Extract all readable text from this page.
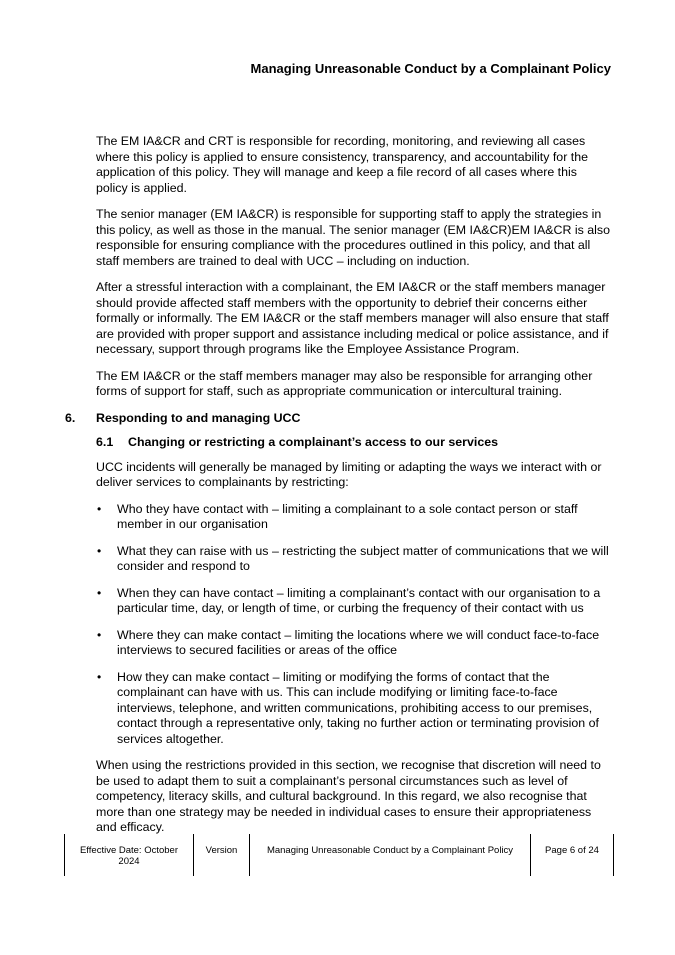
Managing Unreasonable Conduct by a Complainant Policy

The EM IA&CR and CRT is responsible for recording, monitoring, and reviewing all cases where this policy is applied to ensure consistency, transparency, and accountability for the application of this policy. They will manage and keep a file record of all cases where this policy is applied.

The senior manager (EM IA&CR) is responsible for supporting staff to apply the strategies in this policy, as well as those in the manual. The senior manager (EM IA&CR)EM IA&CR is also responsible for ensuring compliance with the procedures outlined in this policy, and that all staff members are trained to deal with UCC – including on induction.

After a stressful interaction with a complainant, the EM IA&CR or the staff members manager should provide affected staff members with the opportunity to debrief their concerns either formally or informally. The EM IA&CR or the staff members manager will also ensure that staff are provided with proper support and assistance including medical or police assistance, and if necessary, support through programs like the Employee Assistance Program.

The EM IA&CR or the staff members manager may also be responsible for arranging other forms of support for staff, such as appropriate communication or intercultural training.

6. Responding to and managing UCC
6.1 Changing or restricting a complainant’s access to our services

UCC incidents will generally be managed by limiting or adapting the ways we interact with or deliver services to complainants by restricting:

• Who they have contact with – limiting a complainant to a sole contact person or staff member in our organisation
• What they can raise with us – restricting the subject matter of communications that we will consider and respond to
• When they can have contact – limiting a complainant’s contact with our organisation to a particular time, day, or length of time, or curbing the frequency of their contact with us
• Where they can make contact – limiting the locations where we will conduct face-to-face interviews to secured facilities or areas of the office
• How they can make contact – limiting or modifying the forms of contact that the complainant can have with us. This can include modifying or limiting face-to-face interviews, telephone, and written communications, prohibiting access to our premises, contact through a representative only, taking no further action or terminating provision of services altogether.

When using the restrictions provided in this section, we recognise that discretion will need to be used to adapt them to suit a complainant’s personal circumstances such as level of competency, literacy skills, and cultural background. In this regard, we also recognise that more than one strategy may be needed in individual cases to ensure their appropriateness and efficacy.

Effective Date: October 2024
Version	Managing Unreasonable Conduct by a Complainant Policy	Page 6 of 24
